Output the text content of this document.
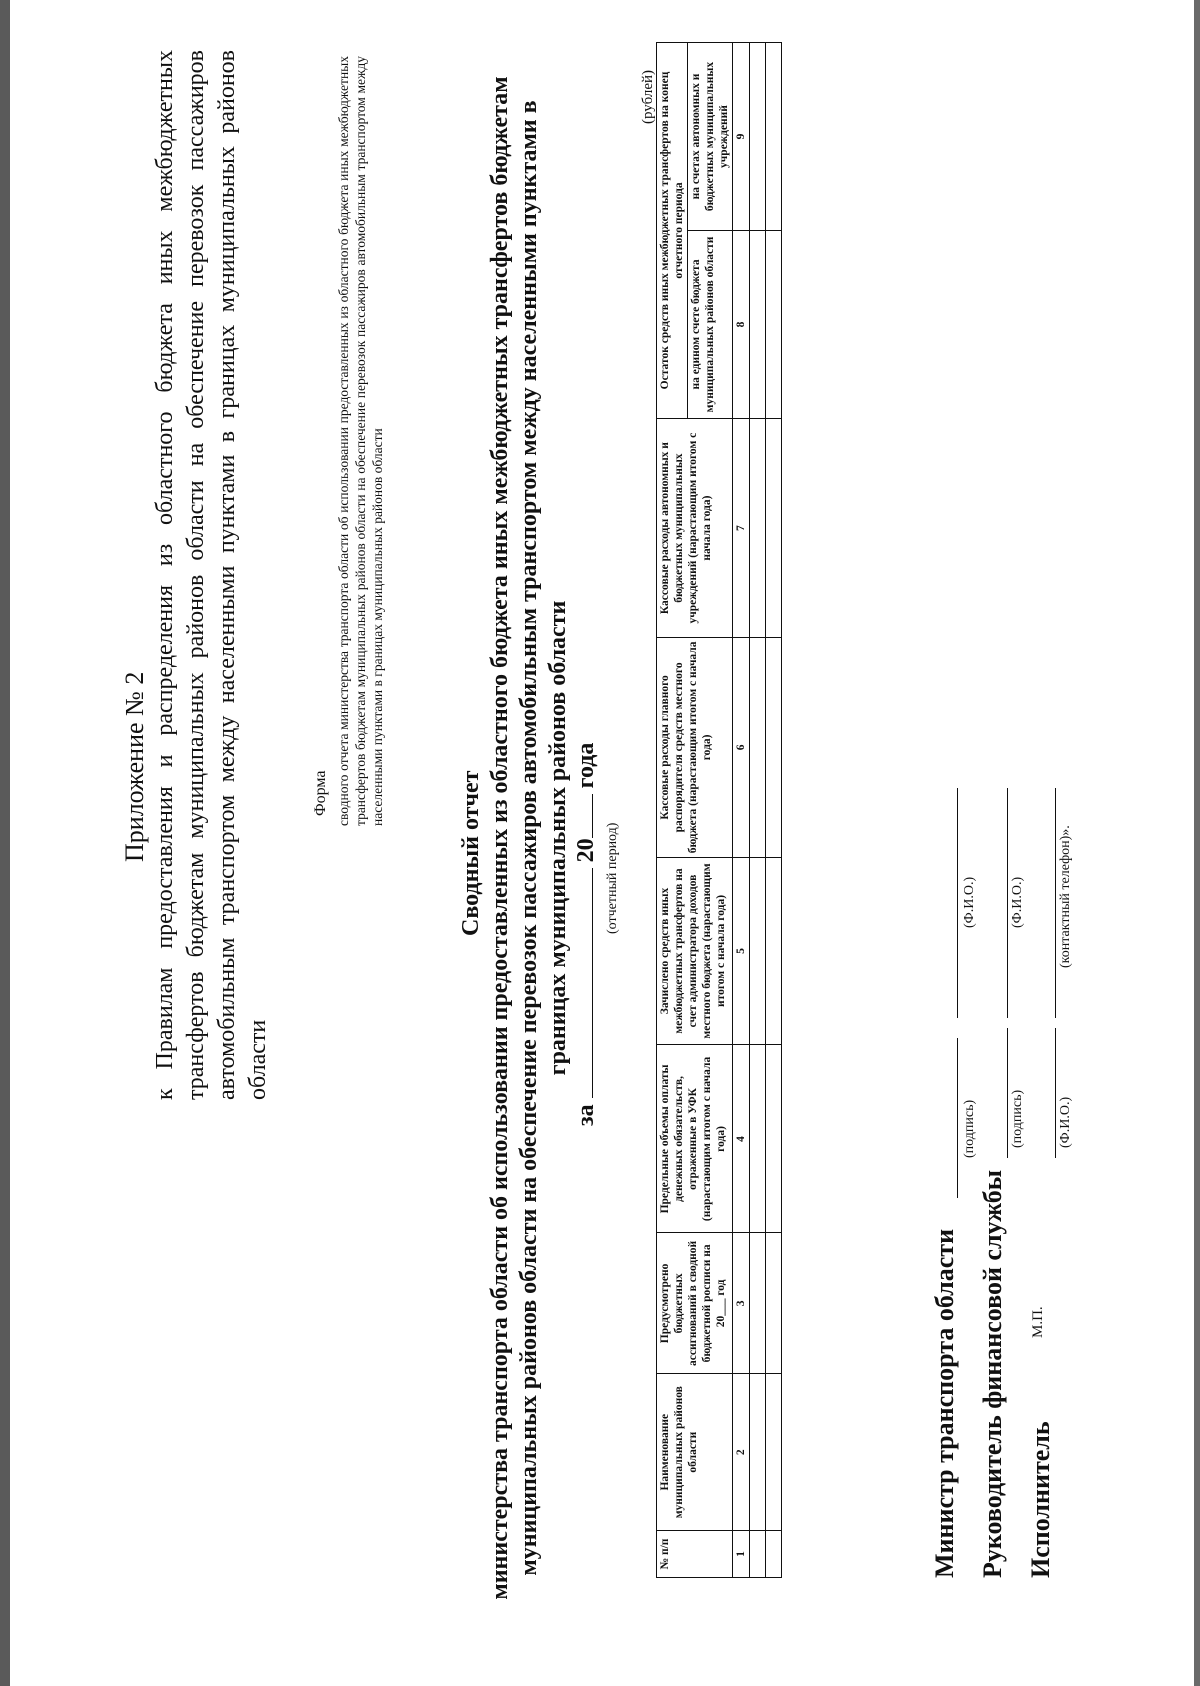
Приложение № 2 к Правилам предоставления и распределения из областного бюджета иных межбюджетных трансфертов бюджетам муниципальных районов области на обеспечение перевозок пассажиров автомобильным транспортом между населенными пунктами в границах муниципальных районов области
Форма сводного отчета министерства транспорта области об использовании предоставленных из областного бюджета иных межбюджетных трансфертов бюджетам муниципальных районов области на обеспечение перевозок пассажиров автомобильным транспортом между населенными пунктами в границах муниципальных районов области
Сводный отчет министерства транспорта области об использовании предоставленных из областного бюджета иных межбюджетных трансфертов бюджетам муниципальных районов области на обеспечение перевозок пассажиров автомобильным транспортом между населенными пунктами в границах муниципальных районов области
за  20 года
(отчетный период)
(рублей)
№ п/п	Наименование муниципальных районов области	Предусмотрено бюджетных ассигнований в сводной бюджетной росписи на 20___ год	Предельные объемы оплаты денежных обязательств, отраженные в УФК (нарастающим итогом с начала года)	Зачислено средств иных межбюджетных трансфертов на счет администратора доходов местного бюджета (нарастающим итогом с начала года)	Кассовые расходы главного распорядителя средств местного бюджета (нарастающим итогом с начала года)	Кассовые расходы автономных и бюджетных муниципальных учреждений (нарастающим итогом с начала года)	Остаток средств иных межбюджетных трансфертов на конец отчетного периода	
							на едином счете бюджета муниципальных районов области	на счетах автономных и бюджетных муниципальных учреждений
1	2	3	4	5	6	7	8	9

Министр транспорта области
(подпись)
(Ф.И.О.)
Руководитель финансовой службы
(подпись)
(Ф.И.О.)
Исполнитель
М.П.
(Ф.И.О.)
(контактный телефон)».
